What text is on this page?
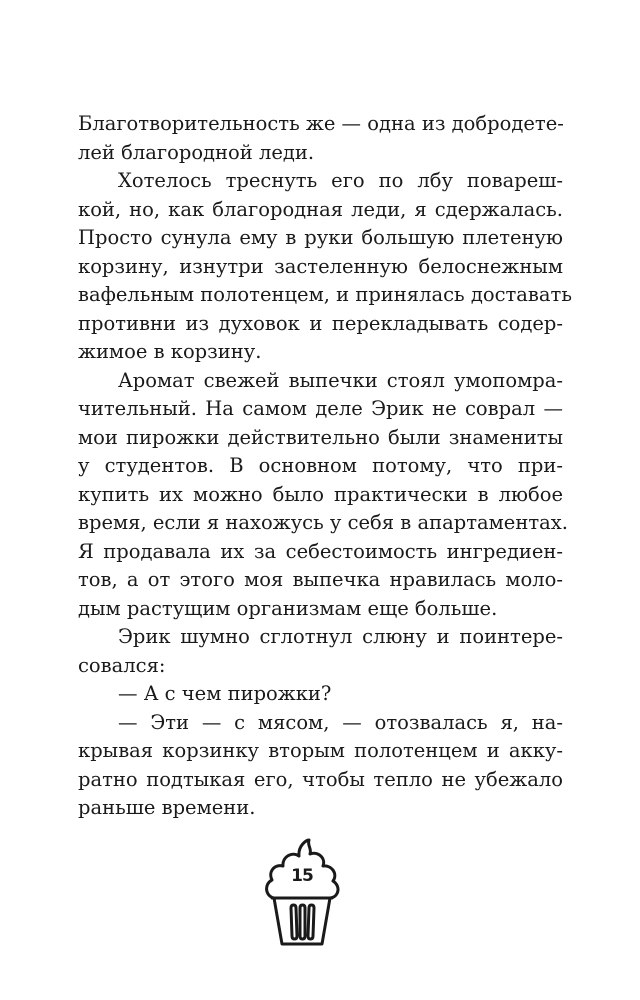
Благотворительность же — одна из добродете-
лей благородной леди.
Хотелось треснуть его по лбу повареш-
кой, но, как благородная леди, я сдержалась.
Просто сунула ему в руки большую плетеную
корзину, изнутри застеленную белоснежным
вафельным полотенцем, и принялась доставать
противни из духовок и перекладывать содер-
жимое в корзину.
Аромат свежей выпечки стоял умопомра-
чительный. На самом деле Эрик не соврал —
мои пирожки действительно были знамениты
у студентов. В основном потому, что при-
купить их можно было практически в любое
время, если я нахожусь у себя в апартаментах.
Я продавала их за себестоимость ингредиен-
тов, а от этого моя выпечка нравилась моло-
дым растущим организмам еще больше.
Эрик шумно сглотнул слюну и поинтере-
совался:
— А с чем пирожки?
— Эти — с мясом, — отозвалась я, на-
крывая корзинку вторым полотенцем и акку-
ратно подтыкая его, чтобы тепло не убежало
раньше времени.
15
